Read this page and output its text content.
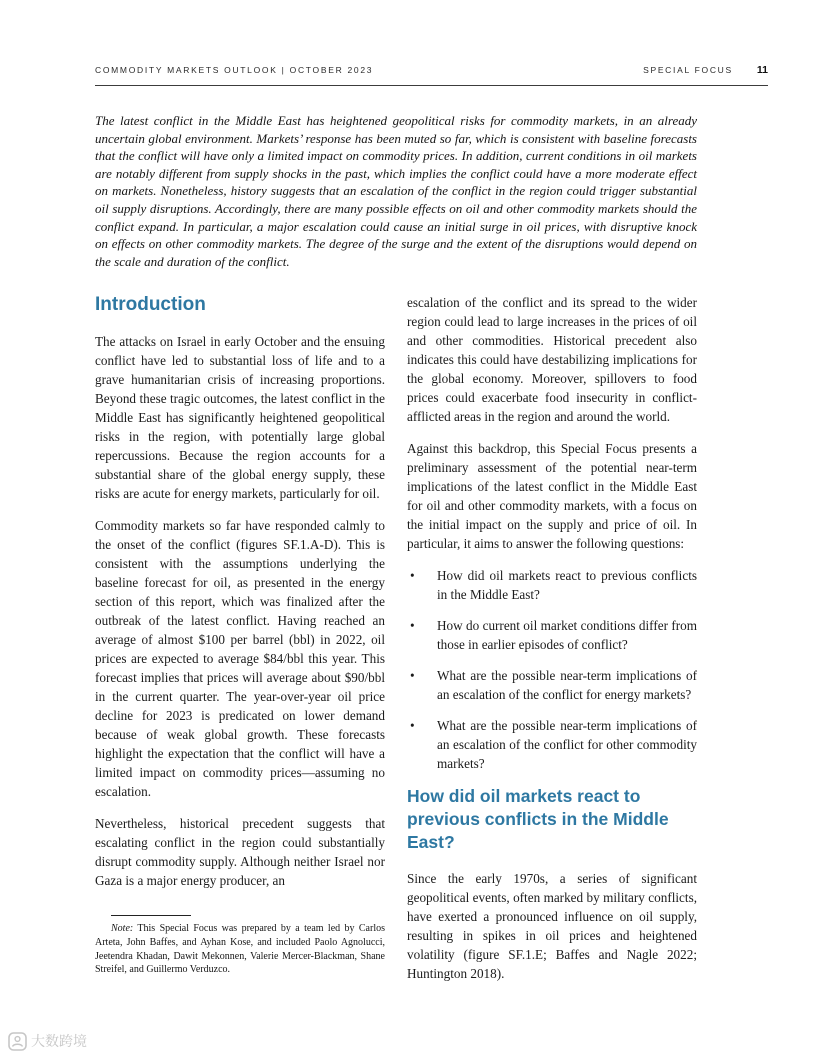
COMMODITY MARKETS OUTLOOK | OCTOBER 2023	SPECIAL FOCUS 11

The latest conflict in the Middle East has heightened geopolitical risks for commodity markets, in an already uncertain global environment. Markets’ response has been muted so far, which is consistent with baseline forecasts that the conflict will have only a limited impact on commodity prices. In addition, current conditions in oil markets are notably different from supply shocks in the past, which implies the conflict could have a more moderate effect on markets. Nonetheless, history suggests that an escalation of the conflict in the region could trigger substantial oil supply disruptions. Accordingly, there are many possible effects on oil and other commodity markets should the conflict expand. In particular, a major escalation could cause an initial surge in oil prices, with disruptive knock on effects on other commodity markets. The degree of the surge and the extent of the disruptions would depend on the scale and duration of the conflict.

Introduction

The attacks on Israel in early October and the ensuing conflict have led to substantial loss of life and to a grave humanitarian crisis of increasing proportions. Beyond these tragic outcomes, the latest conflict in the Middle East has significantly heightened geopolitical risks in the region, with potentially large global repercussions. Because the region accounts for a substantial share of the global energy supply, these risks are acute for energy markets, particularly for oil.

Commodity markets so far have responded calmly to the onset of the conflict (figures SF.1.A-D). This is consistent with the assumptions underlying the baseline forecast for oil, as presented in the energy section of this report, which was finalized after the outbreak of the latest conflict. Having reached an average of almost $100 per barrel (bbl) in 2022, oil prices are expected to average $84/bbl this year. This forecast implies that prices will average about $90/bbl in the current quarter. The year-over-year oil price decline for 2023 is predicated on lower demand because of weak global growth. These forecasts highlight the expectation that the conflict will have a limited impact on commodity prices—assuming no escalation.

Nevertheless, historical precedent suggests that escalating conflict in the region could substantially disrupt commodity supply. Although neither Israel nor Gaza is a major energy producer, an

Note: This Special Focus was prepared by a team led by Carlos Arteta, John Baffes, and Ayhan Kose, and included Paolo Agnolucci, Jeetendra Khadan, Dawit Mekonnen, Valerie Mercer-Blackman, Shane Streifel, and Guillermo Verduzco.

escalation of the conflict and its spread to the wider region could lead to large increases in the prices of oil and other commodities. Historical precedent also indicates this could have destabilizing implications for the global economy. Moreover, spillovers to food prices could exacerbate food insecurity in conflict-afflicted areas in the region and around the world.

Against this backdrop, this Special Focus presents a preliminary assessment of the potential near-term implications of the latest conflict in the Middle East for oil and other commodity markets, with a focus on the initial impact on the supply and price of oil. In particular, it aims to answer the following questions:

• How did oil markets react to previous conflicts in the Middle East?
• How do current oil market conditions differ from those in earlier episodes of conflict?
• What are the possible near-term implications of an escalation of the conflict for energy markets?
• What are the possible near-term implications of an escalation of the conflict for other commodity markets?
How did oil markets react to previous conflicts in the Middle East?

Since the early 1970s, a series of significant geopolitical events, often marked by military conflicts, have exerted a pronounced influence on oil supply, resulting in spikes in oil prices and heightened volatility (figure SF.1.E; Baffes and Nagle 2022; Huntington 2018).

大数跨境
